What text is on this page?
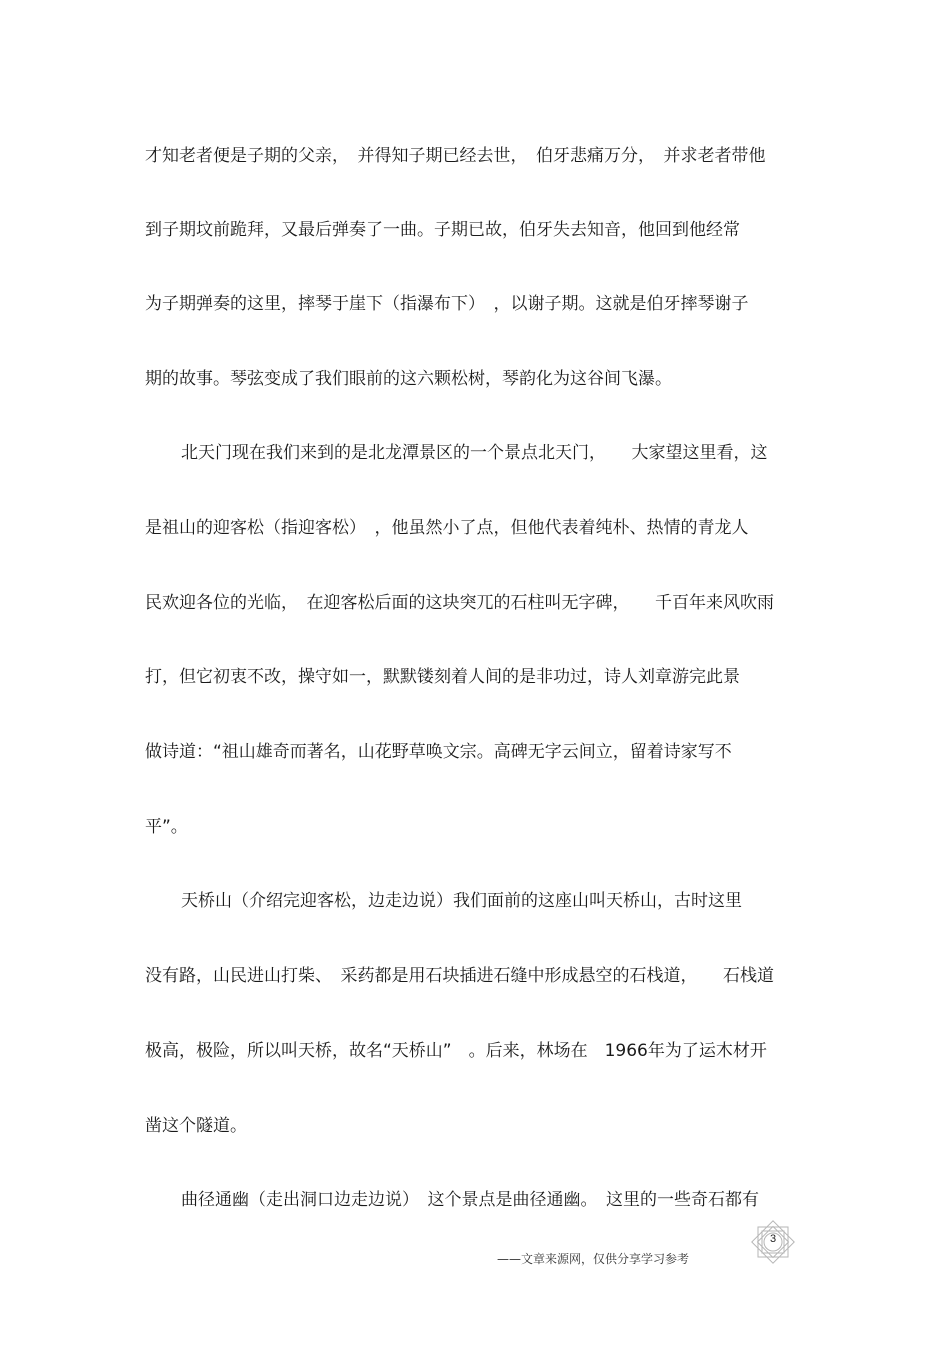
才知老者便是子期的父亲，　并得知子期已经去世，　伯牙悲痛万分，　并求老者带他
到子期坟前跪拜，又最后弹奏了一曲。子期已故，伯牙失去知音，他回到他经常
为子期弹奏的这里，摔琴于崖下（指瀑布下）　，以谢子期。这就是伯牙摔琴谢子
期的故事。琴弦变成了我们眼前的这六颗松树，琴韵化为这谷间飞瀑。
北天门现在我们来到的是北龙潭景区的一个景点北天门，　　大家望这里看，这
是祖山的迎客松（指迎客松）　，他虽然小了点，但他代表着纯朴、热情的青龙人
民欢迎各位的光临，　在迎客松后面的这块突兀的石柱叫无字碑，　　千百年来风吹雨
打，但它初衷不改，操守如一，默默镂刻着人间的是非功过，诗人刘章游完此景
做诗道：“祖山雄奇而著名，山花野草唤文宗。高碑无字云间立，留着诗家写不
平”。
天桥山（介绍完迎客松，边走边说）我们面前的这座山叫天桥山，古时这里
没有路，山民进山打柴、　采药都是用石块插进石缝中形成悬空的石栈道，　　石栈道
极高，极险，所以叫天桥，故名“天桥山”　。后来，林场在　1966年为了运木材开
凿这个隧道。
曲径通幽（走出洞口边走边说）　这个景点是曲径通幽。　这里的一些奇石都有
3
——文章来源网，仅供分享学习参考
